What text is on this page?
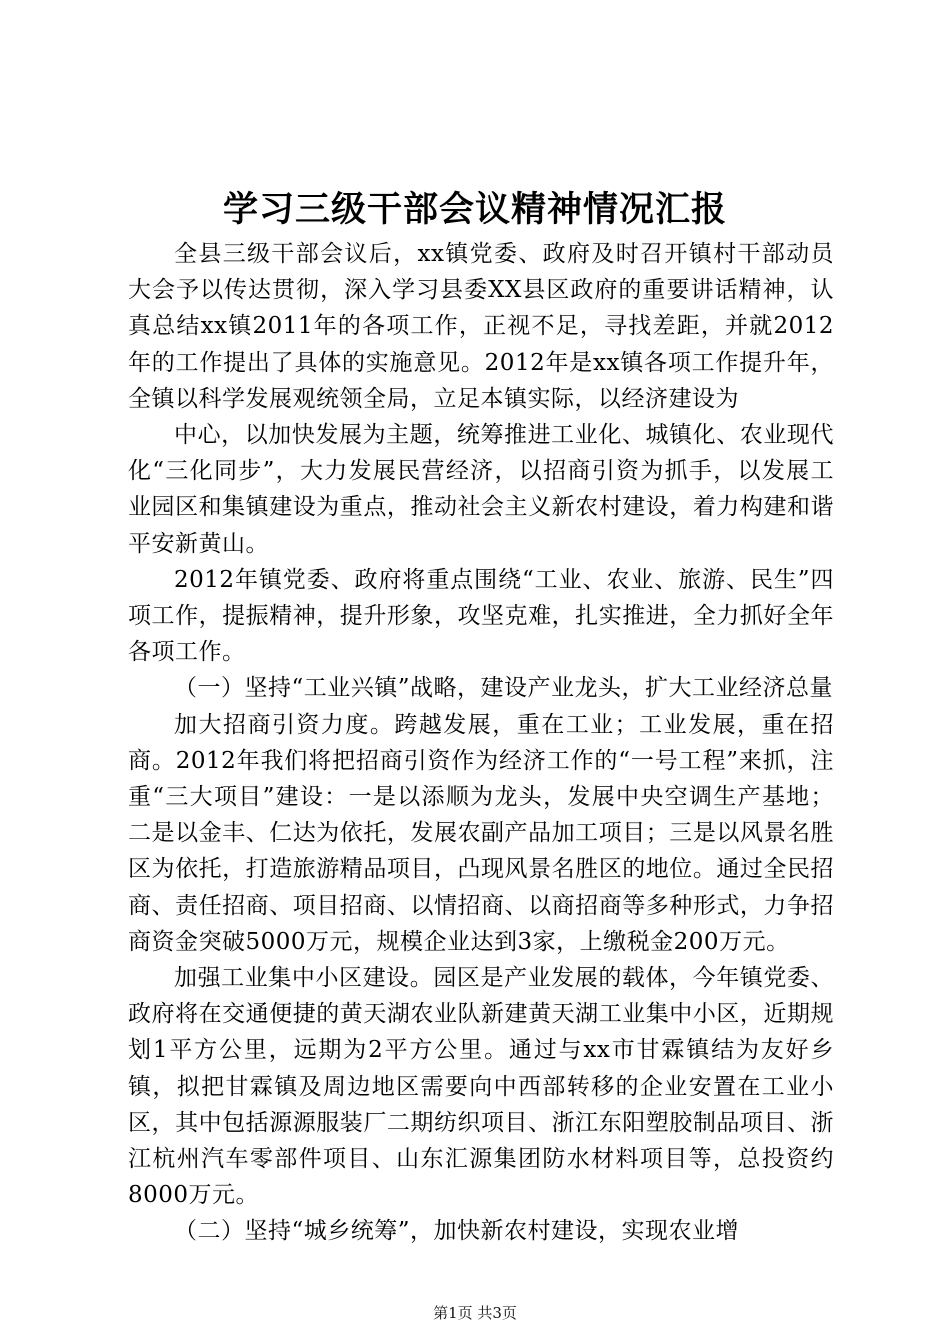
学习三级干部会议精神情况汇报

全县三级干部会议后，xx镇党委、政府及时召开镇村干部动员大会予以传达贯彻，深入学习县委XX县区政府的重要讲话精神，认真总结xx镇2011年的各项工作，正视不足，寻找差距，并就2012年的工作提出了具体的实施意见。2012年是xx镇各项工作提升年，全镇以科学发展观统领全局，立足本镇实际，以经济建设为

中心，以加快发展为主题，统筹推进工业化、城镇化、农业现代化“三化同步”，大力发展民营经济，以招商引资为抓手，以发展工业园区和集镇建设为重点，推动社会主义新农村建设，着力构建和谐平安新黄山。

2012年镇党委、政府将重点围绕“工业、农业、旅游、民生”四项工作，提振精神，提升形象，攻坚克难，扎实推进，全力抓好全年各项工作。

（一）坚持“工业兴镇”战略，建设产业龙头，扩大工业经济总量

加大招商引资力度。跨越发展，重在工业；工业发展，重在招商。2012年我们将把招商引资作为经济工作的“一号工程”来抓，注重“三大项目”建设：一是以添顺为龙头，发展中央空调生产基地；二是以金丰、仁达为依托，发展农副产品加工项目；三是以风景名胜区为依托，打造旅游精品项目，凸现风景名胜区的地位。通过全民招商、责任招商、项目招商、以情招商、以商招商等多种形式，力争招商资金突破5000万元，规模企业达到3家，上缴税金200万元。

加强工业集中小区建设。园区是产业发展的载体，今年镇党委、政府将在交通便捷的黄天湖农业队新建黄天湖工业集中小区，近期规划1平方公里，远期为2平方公里。通过与xx市甘霖镇结为友好乡镇，拟把甘霖镇及周边地区需要向中西部转移的企业安置在工业小区，其中包括源源服装厂二期纺织项目、浙江东阳塑胶制品项目、浙江杭州汽车零部件项目、山东汇源集团防水材料项目等，总投资约8000万元。

（二）坚持“城乡统筹”，加快新农村建设，实现农业增

第1页 共3页
